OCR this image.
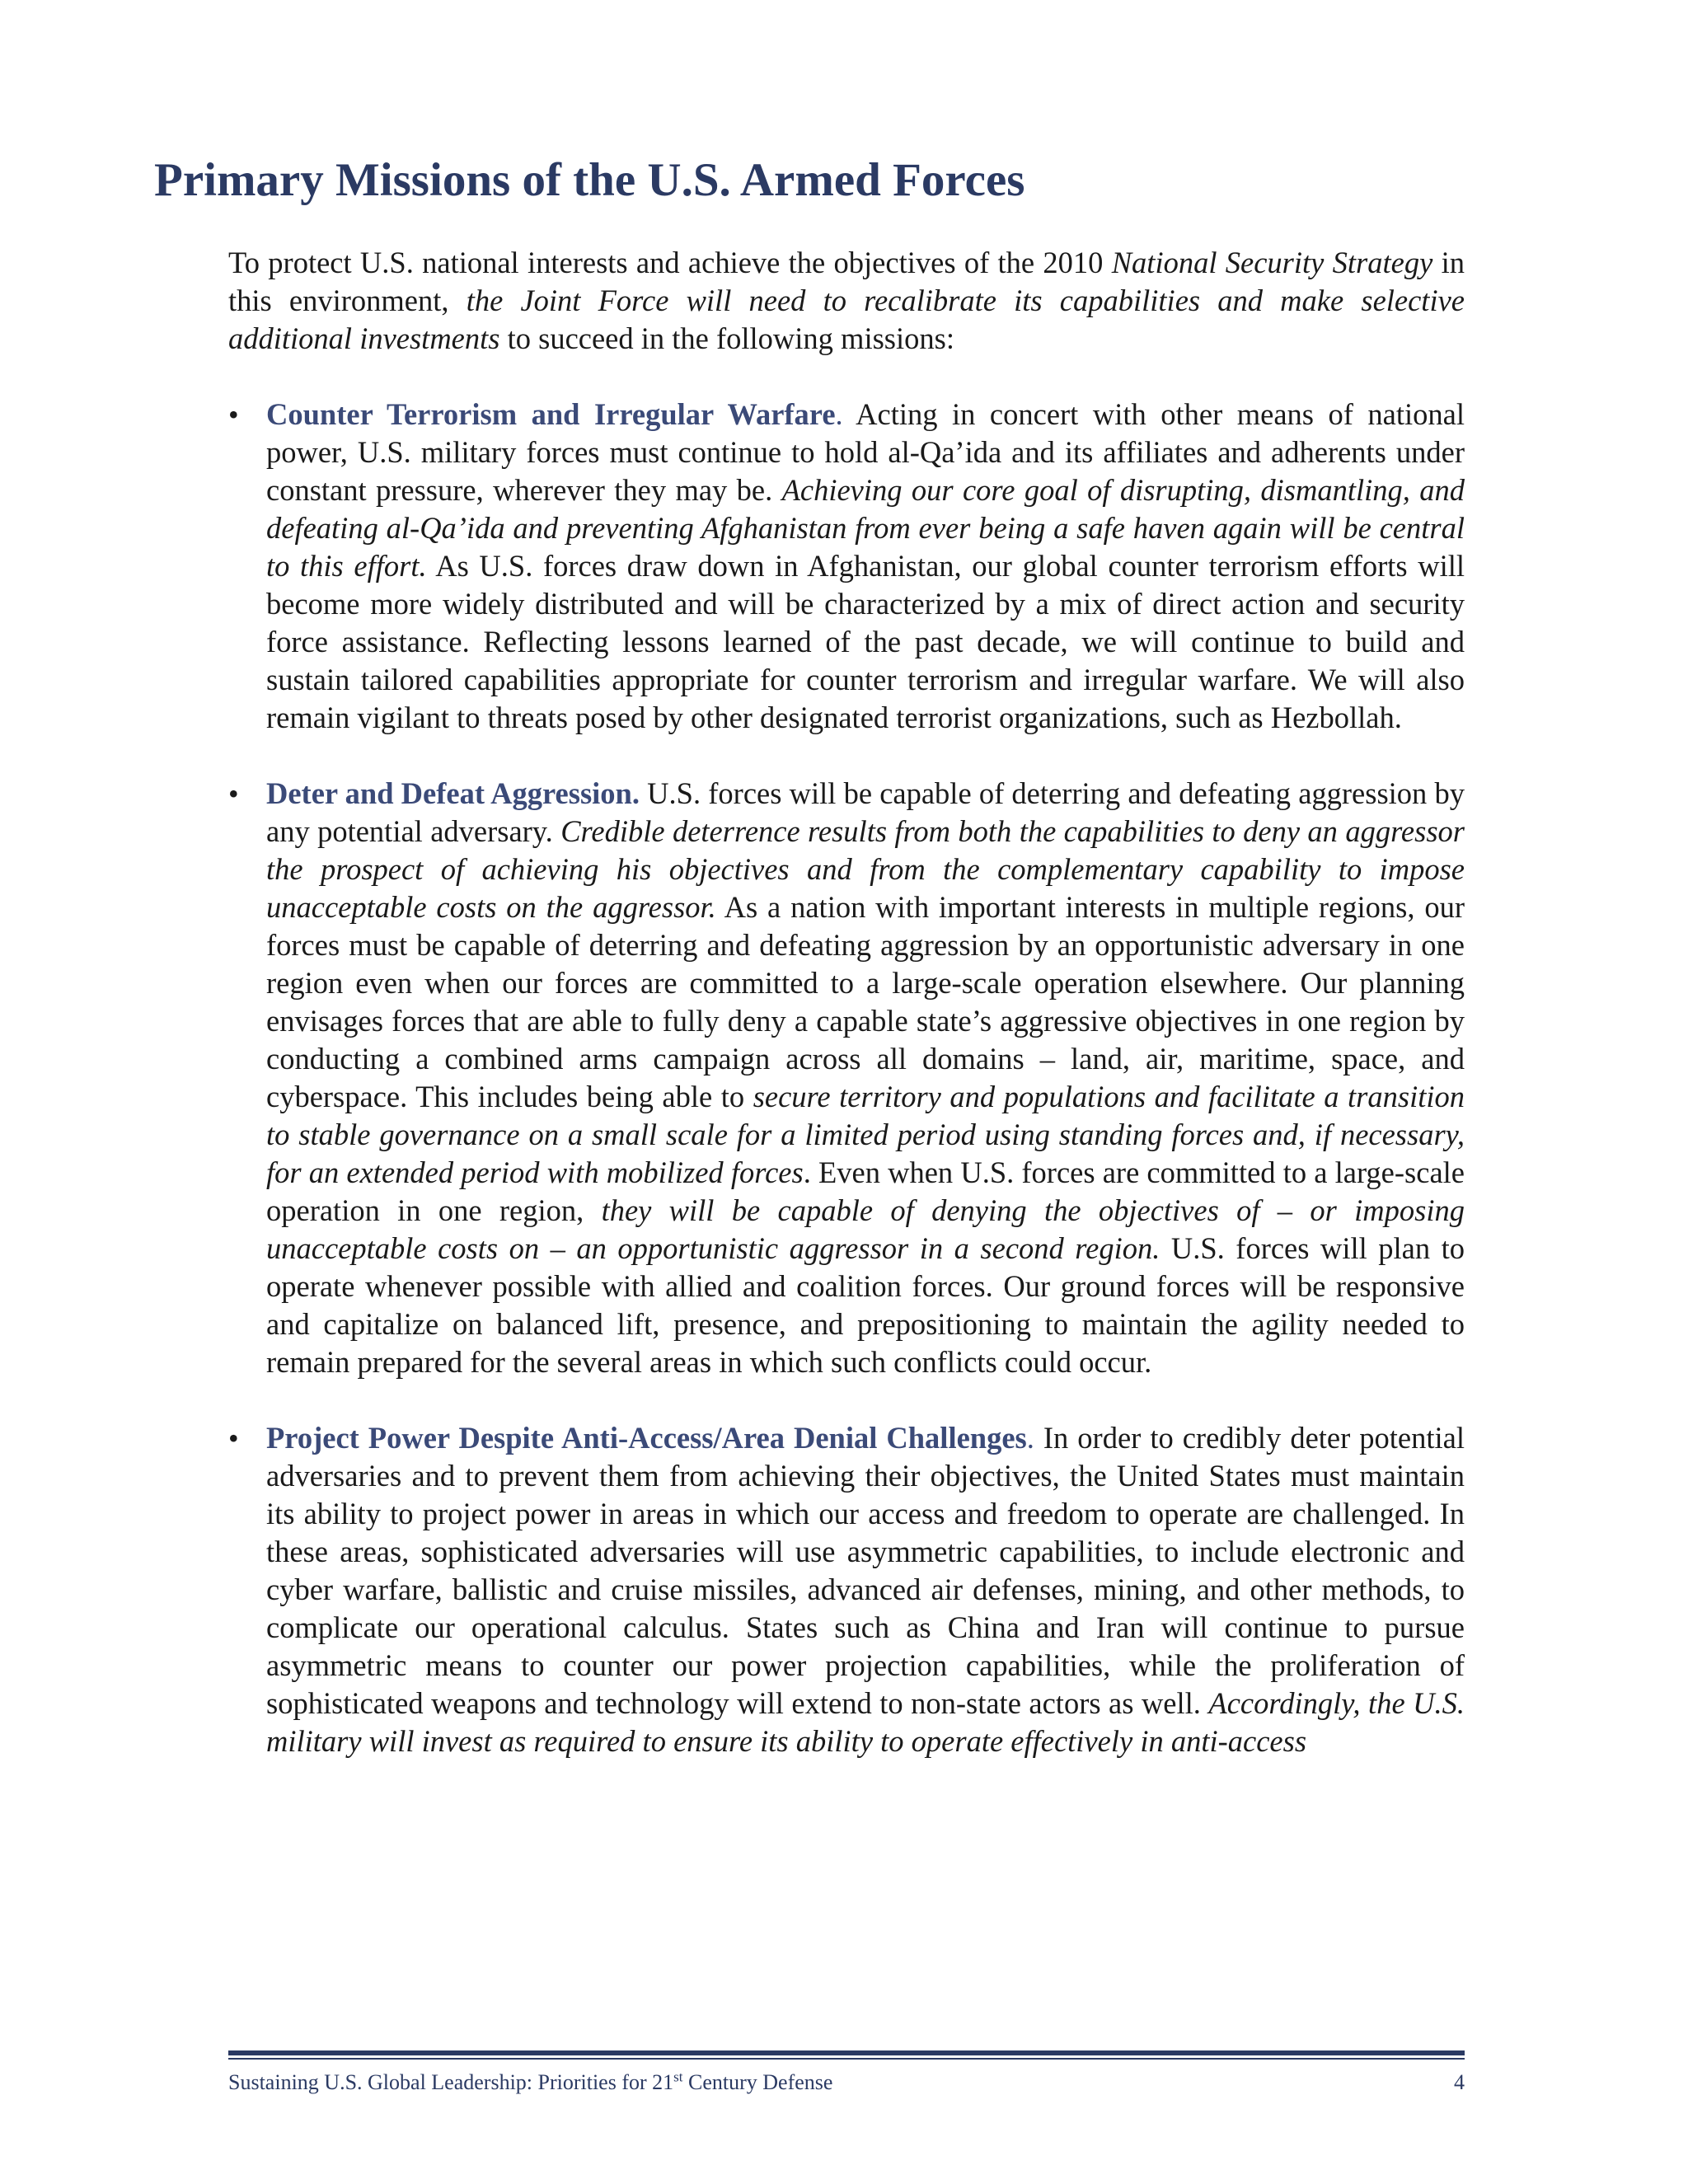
Primary Missions of the U.S. Armed Forces

To protect U.S. national interests and achieve the objectives of the 2010 National Security Strategy in this environment, the Joint Force will need to recalibrate its capabilities and make selective additional investments to succeed in the following missions:

• Counter Terrorism and Irregular Warfare. Acting in concert with other means of national power, U.S. military forces must continue to hold al-Qa’ida and its affiliates and adherents under constant pressure, wherever they may be. Achieving our core goal of disrupting, dismantling, and defeating al-Qa’ida and preventing Afghanistan from ever being a safe haven again will be central to this effort. As U.S. forces draw down in Afghanistan, our global counter terrorism efforts will become more widely distributed and will be characterized by a mix of direct action and security force assistance. Reflecting lessons learned of the past decade, we will continue to build and sustain tailored capabilities appropriate for counter terrorism and irregular warfare. We will also remain vigilant to threats posed by other designated terrorist organizations, such as Hezbollah.
• Deter and Defeat Aggression. U.S. forces will be capable of deterring and defeating aggression by any potential adversary. Credible deterrence results from both the capabilities to deny an aggressor the prospect of achieving his objectives and from the complementary capability to impose unacceptable costs on the aggressor. As a nation with important interests in multiple regions, our forces must be capable of deterring and defeating aggression by an opportunistic adversary in one region even when our forces are committed to a large-scale operation elsewhere. Our planning envisages forces that are able to fully deny a capable state’s aggressive objectives in one region by conducting a combined arms campaign across all domains – land, air, maritime, space, and cyberspace. This includes being able to secure territory and populations and facilitate a transition to stable governance on a small scale for a limited period using standing forces and, if necessary, for an extended period with mobilized forces. Even when U.S. forces are committed to a large-scale operation in one region, they will be capable of denying the objectives of – or imposing unacceptable costs on – an opportunistic aggressor in a second region. U.S. forces will plan to operate whenever possible with allied and coalition forces. Our ground forces will be responsive and capitalize on balanced lift, presence, and prepositioning to maintain the agility needed to remain prepared for the several areas in which such conflicts could occur.
• Project Power Despite Anti-Access/Area Denial Challenges. In order to credibly deter potential adversaries and to prevent them from achieving their objectives, the United States must maintain its ability to project power in areas in which our access and freedom to operate are challenged. In these areas, sophisticated adversaries will use asymmetric capabilities, to include electronic and cyber warfare, ballistic and cruise missiles, advanced air defenses, mining, and other methods, to complicate our operational calculus. States such as China and Iran will continue to pursue asymmetric means to counter our power projection capabilities, while the proliferation of sophisticated weapons and technology will extend to non-state actors as well. Accordingly, the U.S. military will invest as required to ensure its ability to operate effectively in anti-access
Sustaining U.S. Global Leadership: Priorities for 21st Century Defense	4
